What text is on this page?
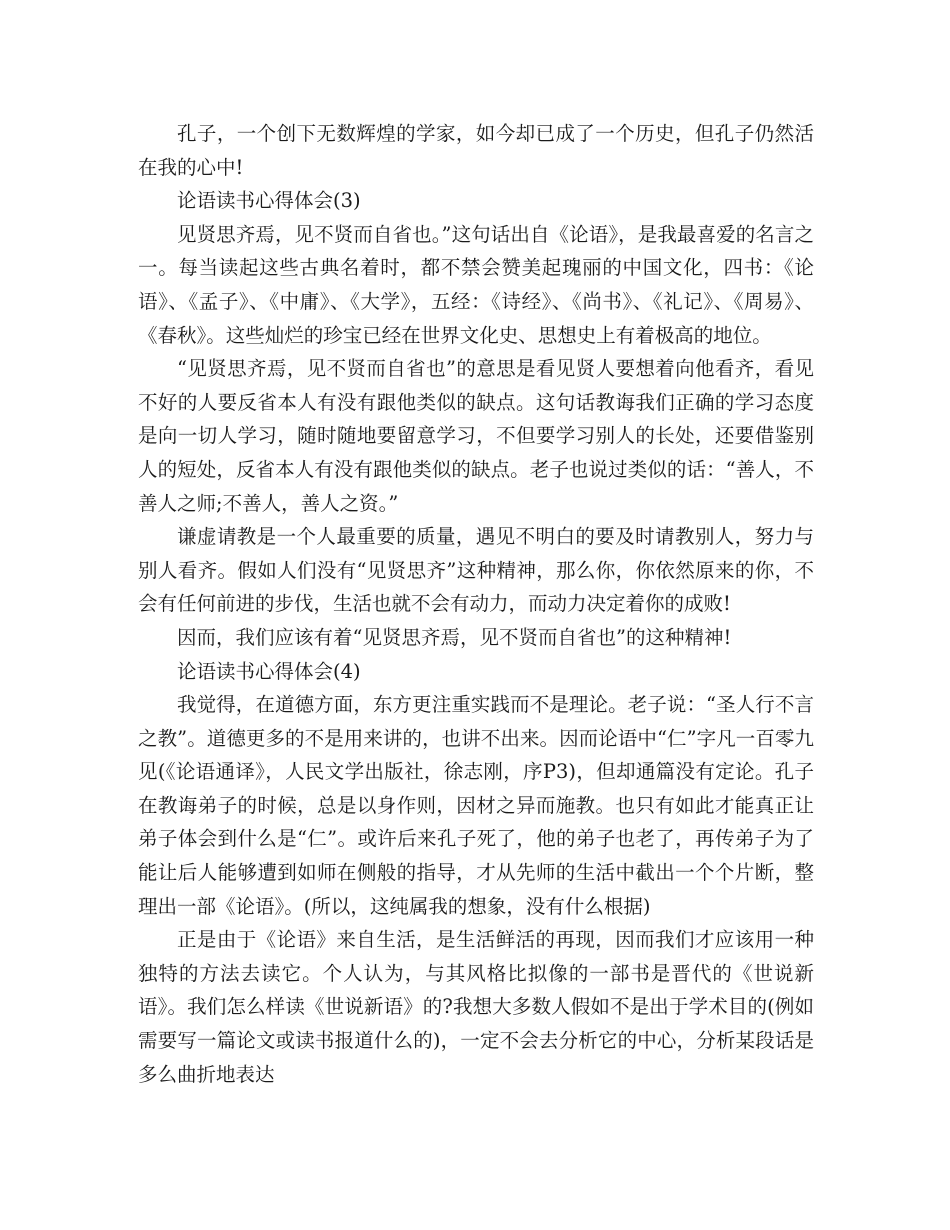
孔子，一个创下无数辉煌的学家，如今却已成了一个历史，但孔子仍然活在我的心中!

论语读书心得体会(3)

见贤思齐焉，见不贤而自省也。”这句话出自《论语》，是我最喜爱的名言之一。每当读起这些古典名着时，都不禁会赞美起瑰丽的中国文化，四书：《论语》、《孟子》、《中庸》、《大学》，五经：《诗经》、《尚书》、《礼记》、《周易》、《春秋》。这些灿烂的珍宝已经在世界文化史、思想史上有着极高的地位。

“见贤思齐焉，见不贤而自省也”的意思是看见贤人要想着向他看齐，看见不好的人要反省本人有没有跟他类似的缺点。这句话教诲我们正确的学习态度是向一切人学习，随时随地要留意学习，不但要学习别人的长处，还要借鉴别人的短处，反省本人有没有跟他类似的缺点。老子也说过类似的话：“善人，不善人之师;不善人，善人之资。”

谦虚请教是一个人最重要的质量，遇见不明白的要及时请教别人，努力与别人看齐。假如人们没有“见贤思齐”这种精神，那么你，你依然原来的你，不会有任何前进的步伐，生活也就不会有动力，而动力决定着你的成败!

因而，我们应该有着“见贤思齐焉，见不贤而自省也”的这种精神!

论语读书心得体会(4)

我觉得，在道德方面，东方更注重实践而不是理论。老子说：“圣人行不言之教”。道德更多的不是用来讲的，也讲不出来。因而论语中“仁”字凡一百零九见(《论语通译》，人民文学出版社，徐志刚，序P3)，但却通篇没有定论。孔子在教诲弟子的时候，总是以身作则，因材之异而施教。也只有如此才能真正让弟子体会到什么是“仁”。或许后来孔子死了，他的弟子也老了，再传弟子为了能让后人能够遭到如师在侧般的指导，才从先师的生活中截出一个个片断，整理出一部《论语》。(所以，这纯属我的想象，没有什么根据)

正是由于《论语》来自生活，是生活鲜活的再现，因而我们才应该用一种独特的方法去读它。个人认为，与其风格比拟像的一部书是晋代的《世说新语》。我们怎么样读《世说新语》的?我想大多数人假如不是出于学术目的(例如需要写一篇论文或读书报道什么的)，一定不会去分析它的中心，分析某段话是多么曲折地表达
